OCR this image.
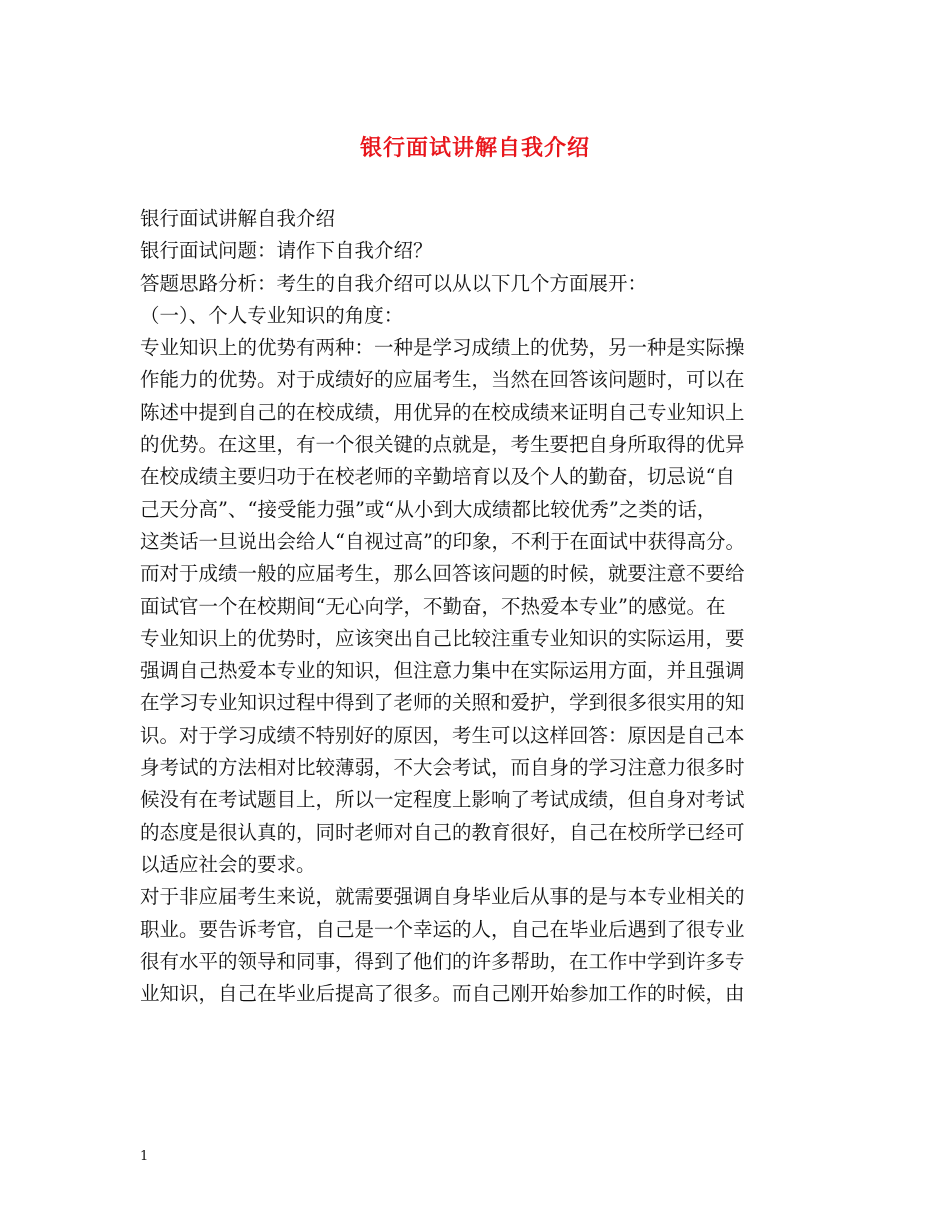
银行面试讲解自我介绍
银行面试讲解自我介绍
银行面试问题：请作下自我介绍？
答题思路分析：考生的自我介绍可以从以下几个方面展开：
（一）、个人专业知识的角度：
专业知识上的优势有两种：一种是学习成绩上的优势，另一种是实际操
作能力的优势。对于成绩好的应届考生，当然在回答该问题时，可以在
陈述中提到自己的在校成绩，用优异的在校成绩来证明自己专业知识上
的优势。在这里，有一个很关键的点就是，考生要把自身所取得的优异
在校成绩主要归功于在校老师的辛勤培育以及个人的勤奋，切忌说“自
己天分高”、“接受能力强”或“从小到大成绩都比较优秀”之类的话，
这类话一旦说出会给人“自视过高”的印象，不利于在面试中获得高分。
而对于成绩一般的应届考生，那么回答该问题的时候，就要注意不要给
面试官一个在校期间“无心向学，不勤奋，不热爱本专业”的感觉。在
专业知识上的优势时，应该突出自己比较注重专业知识的实际运用，要
强调自己热爱本专业的知识，但注意力集中在实际运用方面，并且强调
在学习专业知识过程中得到了老师的关照和爱护，学到很多很实用的知
识。对于学习成绩不特别好的原因，考生可以这样回答：原因是自己本
身考试的方法相对比较薄弱，不大会考试，而自身的学习注意力很多时
候没有在考试题目上，所以一定程度上影响了考试成绩，但自身对考试
的态度是很认真的，同时老师对自己的教育很好，自己在校所学已经可
以适应社会的要求。
对于非应届考生来说，就需要强调自身毕业后从事的是与本专业相关的
职业。要告诉考官，自己是一个幸运的人，自己在毕业后遇到了很专业
很有水平的领导和同事，得到了他们的许多帮助，在工作中学到许多专
业知识，自己在毕业后提高了很多。而自己刚开始参加工作的时候，由
1
